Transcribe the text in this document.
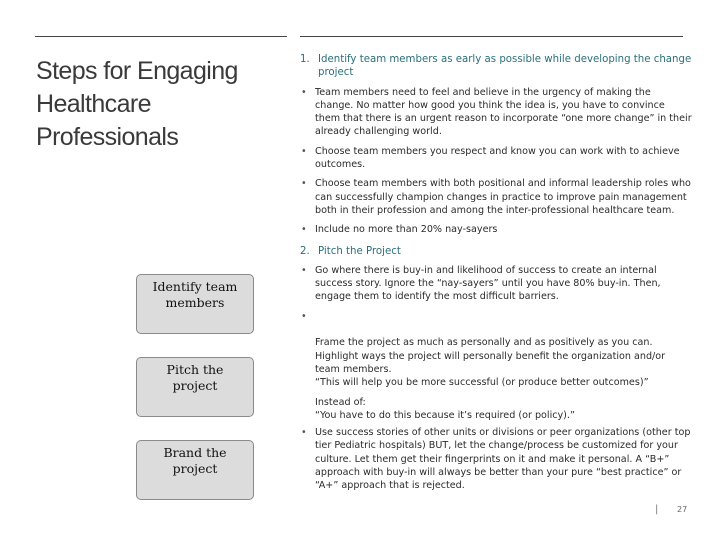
Steps for Engaging Healthcare Professionals
Identify team members
Pitch the project
Brand the project

1. Identify team members as early as possible while developing the change project

• Team members need to feel and believe in the urgency of making the change. No matter how good you think the idea is, you have to convince them that there is an urgent reason to incorporate “one more change” in their already challenging world.

• Choose team members you respect and know you can work with to achieve outcomes.

• Choose team members with both positional and informal leadership roles who can successfully champion changes in practice to improve pain management both in their profession and among the inter-professional healthcare team.

• Include no more than 20% nay-sayers

2. Pitch the Project

• Go where there is buy-in and likelihood of success to create an internal success story. Ignore the “nay-sayers” until you have 80% buy-in. Then, engage them to identify the most difficult barriers.

•

Frame the project as much as personally and as positively as you can. Highlight ways the project will personally benefit the organization and/or team members.
“This will help you be more successful (or produce better outcomes)”

Instead of:
“You have to do this because it’s required (or policy).”

• Use success stories of other units or divisions or peer organizations (other top tier Pediatric hospitals) BUT, let the change/process be customized for your culture. Let them get their fingerprints on it and make it personal. A “B+” approach with buy-in will always be better than your pure “best practice” or “A+” approach that is rejected.

| 27
